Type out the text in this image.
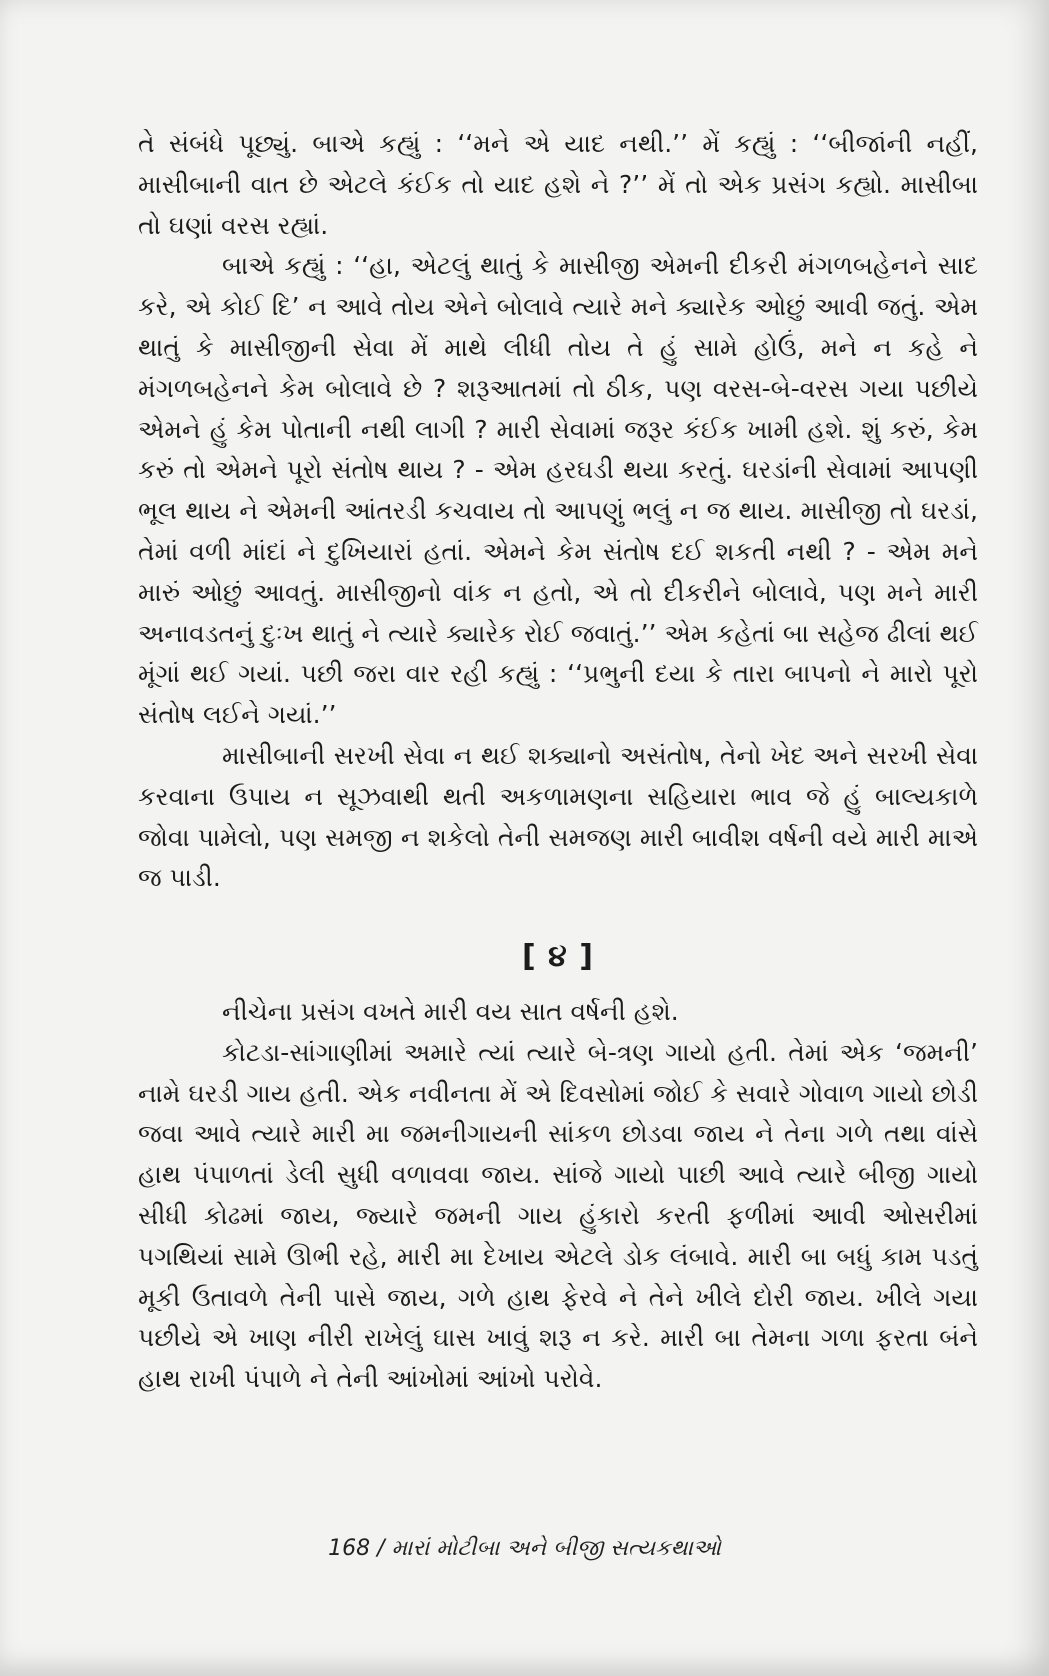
તે સંબંધે પૂછ્યું. બાએ કહ્યું : ‘‘મને એ યાદ નથી.’’ મેં કહ્યું : ‘‘બીજાંની નહીં, માસીબાની વાત છે એટલે કંઈક તો યાદ હશે ને ?’’ મેં તો એક પ્રસંગ કહ્યો. માસીબા તો ઘણાં વરસ રહ્યાં.

બાએ કહ્યું : ‘‘હા, એટલું થાતું કે માસીજી એમની દીકરી મંગળબહેનને સાદ કરે, એ કોઈ દિ’ ન આવે તોય એને બોલાવે ત્યારે મને ક્યારેક ઓછું આવી જતું. એમ થાતું કે માસીજીની સેવા મેં માથે લીધી તોય તે હું સામે હોઉં, મને ન કહે ને મંગળબહેનને કેમ બોલાવે છે ? શરૂઆતમાં તો ઠીક, પણ વરસ-બે-વરસ ગયા પછીયે એમને હું કેમ પોતાની નથી લાગી ? મારી સેવામાં જરૂર કંઈક ખામી હશે. શું કરું, કેમ કરું તો એમને પૂરો સંતોષ થાય ? - એમ હરઘડી થયા કરતું. ઘરડાંની સેવામાં આપણી ભૂલ થાય ને એમની આંતરડી કચવાય તો આપણું ભલું ન જ થાય. માસીજી તો ઘરડાં, તેમાં વળી માંદાં ને દુખિયારાં હતાં. એમને કેમ સંતોષ દઈ શકતી નથી ? - એમ મને મારું ઓછું આવતું. માસીજીનો વાંક ન હતો, એ તો દીકરીને બોલાવે, પણ મને મારી અનાવડતનું દુઃખ થાતું ને ત્યારે ક્યારેક રોઈ જવાતું.’’ એમ કહેતાં બા સહેજ ઢીલાં થઈ મૂંગાં થઈ ગયાં. પછી જરા વાર રહી કહ્યું : ‘‘પ્રભુની દયા કે તારા બાપનો ને મારો પૂરો સંતોષ લઈને ગયાં.’’

માસીબાની સરખી સેવા ન થઈ શક્યાનો અસંતોષ, તેનો ખેદ અને સરખી સેવા કરવાના ઉપાય ન સૂઝવાથી થતી અકળામણના સહિયારા ભાવ જે હું બાલ્યકાળે જોવા પામેલો, પણ સમજી ન શકેલો તેની સમજણ મારી બાવીશ વર્ષની વયે મારી માએ જ પાડી.

[ ૪ ]

નીચેના પ્રસંગ વખતે મારી વય સાત વર્ષની હશે.

કોટડા-સાંગાણીમાં અમારે ત્યાં ત્યારે બે-ત્રણ ગાયો હતી. તેમાં એક ‘જમની’ નામે ઘરડી ગાય હતી. એક નવીનતા મેં એ દિવસોમાં જોઈ કે સવારે ગોવાળ ગાયો છોડી જવા આવે ત્યારે મારી મા જમનીગાયની સાંકળ છોડવા જાય ને તેના ગળે તથા વાંસે હાથ પંપાળતાં ડેલી સુધી વળાવવા જાય. સાંજે ગાયો પાછી આવે ત્યારે બીજી ગાયો સીધી કોઢમાં જાય, જ્યારે જમની ગાય હુંકારો કરતી ફળીમાં આવી ઓસરીમાં પગથિયાં સામે ઊભી રહે, મારી મા દેખાય એટલે ડોક લંબાવે. મારી બા બધું કામ પડતું મૂકી ઉતાવળે તેની પાસે જાય, ગળે હાથ ફેરવે ને તેને ખીલે દોરી જાય. ખીલે ગયા પછીયે એ ખાણ નીરી રાખેલું ઘાસ ખાવું શરૂ ન કરે. મારી બા તેમના ગળા ફરતા બંને હાથ રાખી પંપાળે ને તેની આંખોમાં આંખો પરોવે.

168 / મારાં મોટીબા અને બીજી સત્યકથાઓ
